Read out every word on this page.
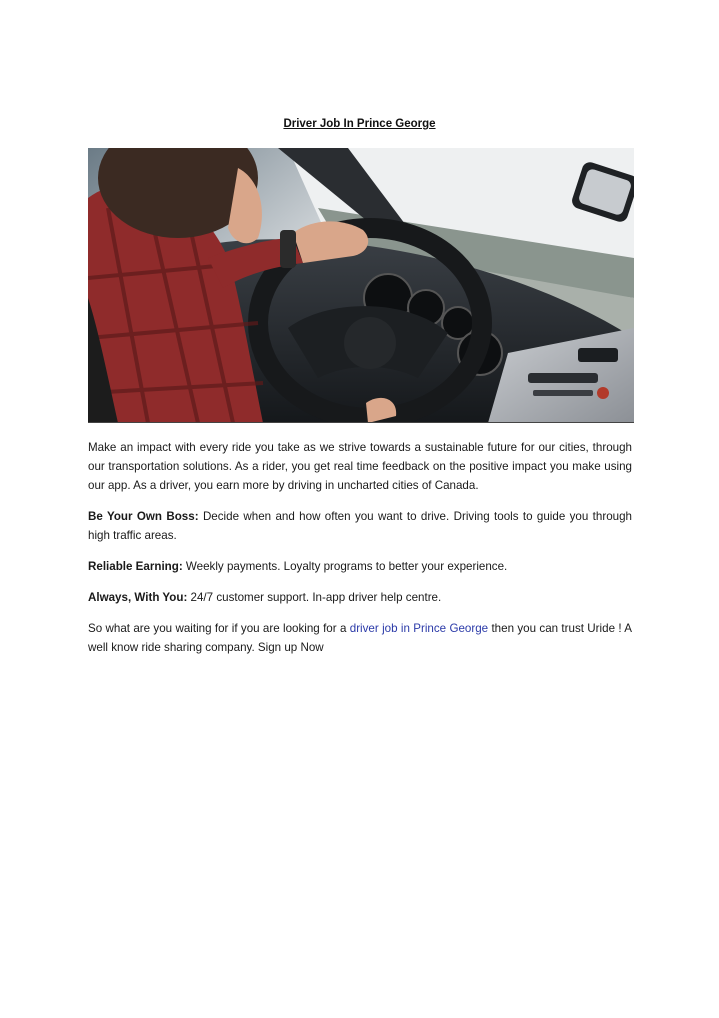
Driver Job In Prince George

Make an impact with every ride you take as we strive towards a sustainable future for our cities, through our transportation solutions. As a rider, you get real time feedback on the positive impact you make using our app. As a driver, you earn more by driving in uncharted cities of Canada.

Be Your Own Boss: Decide when and how often you want to drive. Driving tools to guide you through high traffic areas.

Reliable Earning: Weekly payments. Loyalty programs to better your experience.

Always, With You: 24/7 customer support. In-app driver help centre.

So what are you waiting for if you are looking for a driver job in Prince George then you can trust Uride ! A well know ride sharing company. Sign up Now
